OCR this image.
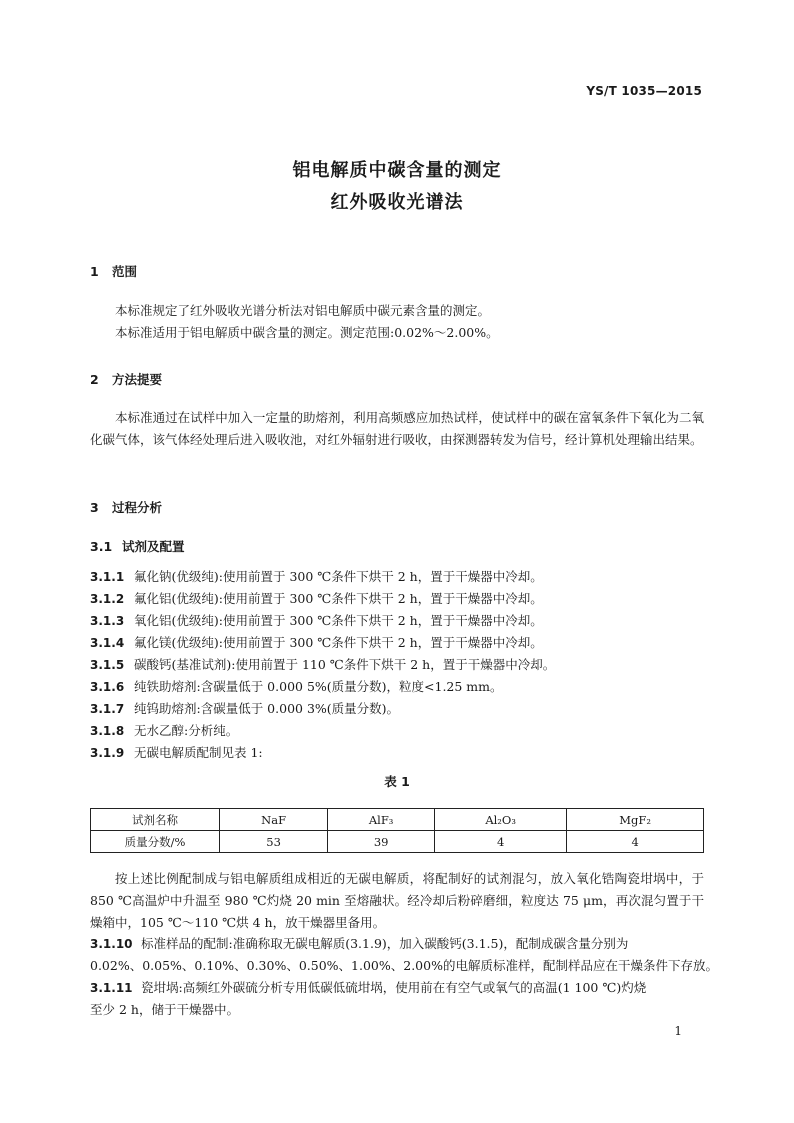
YS/T 1035—2015
铝电解质中碳含量的测定
红外吸收光谱法
1 范围
本标准规定了红外吸收光谱分析法对铝电解质中碳元素含量的测定。
本标准适用于铝电解质中碳含量的测定。测定范围:0.02%～2.00%。
2 方法提要
本标准通过在试样中加入一定量的助熔剂，利用高频感应加热试样，使试样中的碳在富氧条件下氧化为二氧化碳气体，该气体经处理后进入吸收池，对红外辐射进行吸收，由探测器转发为信号，经计算机处理输出结果。
3 过程分析
3.1 试剂及配置
3.1.1 氟化钠(优级纯):使用前置于 300 ℃条件下烘干 2 h，置于干燥器中冷却。
3.1.2 氟化铝(优级纯):使用前置于 300 ℃条件下烘干 2 h，置于干燥器中冷却。
3.1.3 氧化铝(优级纯):使用前置于 300 ℃条件下烘干 2 h，置于干燥器中冷却。
3.1.4 氟化镁(优级纯):使用前置于 300 ℃条件下烘干 2 h，置于干燥器中冷却。
3.1.5 碳酸钙(基准试剂):使用前置于 110 ℃条件下烘干 2 h，置于干燥器中冷却。
3.1.6 纯铁助熔剂:含碳量低于 0.000 5%(质量分数)，粒度<1.25 mm。
3.1.7 纯钨助熔剂:含碳量低于 0.000 3%(质量分数)。
3.1.8 无水乙醇:分析纯。
3.1.9 无碳电解质配制见表 1:
表 1
试剂名称	NaF	AlF₃	Al₂O₃	MgF₂
质量分数/%	53	39	4	4
按上述比例配制成与铝电解质组成相近的无碳电解质，将配制好的试剂混匀，放入氧化锆陶瓷坩埚中，于 850 ℃高温炉中升温至 980 ℃灼烧 20 min 至熔融状。经冷却后粉碎磨细，粒度达 75 μm，再次混匀置于干燥箱中，105 ℃～110 ℃烘 4 h，放干燥器里备用。
3.1.10 标准样品的配制:准确称取无碳电解质(3.1.9)，加入碳酸钙(3.1.5)，配制成碳含量分别为
0.02%、0.05%、0.10%、0.30%、0.50%、1.00%、2.00%的电解质标准样，配制样品应在干燥条件下存放。
3.1.11 瓷坩埚:高频红外碳硫分析专用低碳低硫坩埚，使用前在有空气或氧气的高温(1 100 ℃)灼烧
至少 2 h，储于干燥器中。
1
